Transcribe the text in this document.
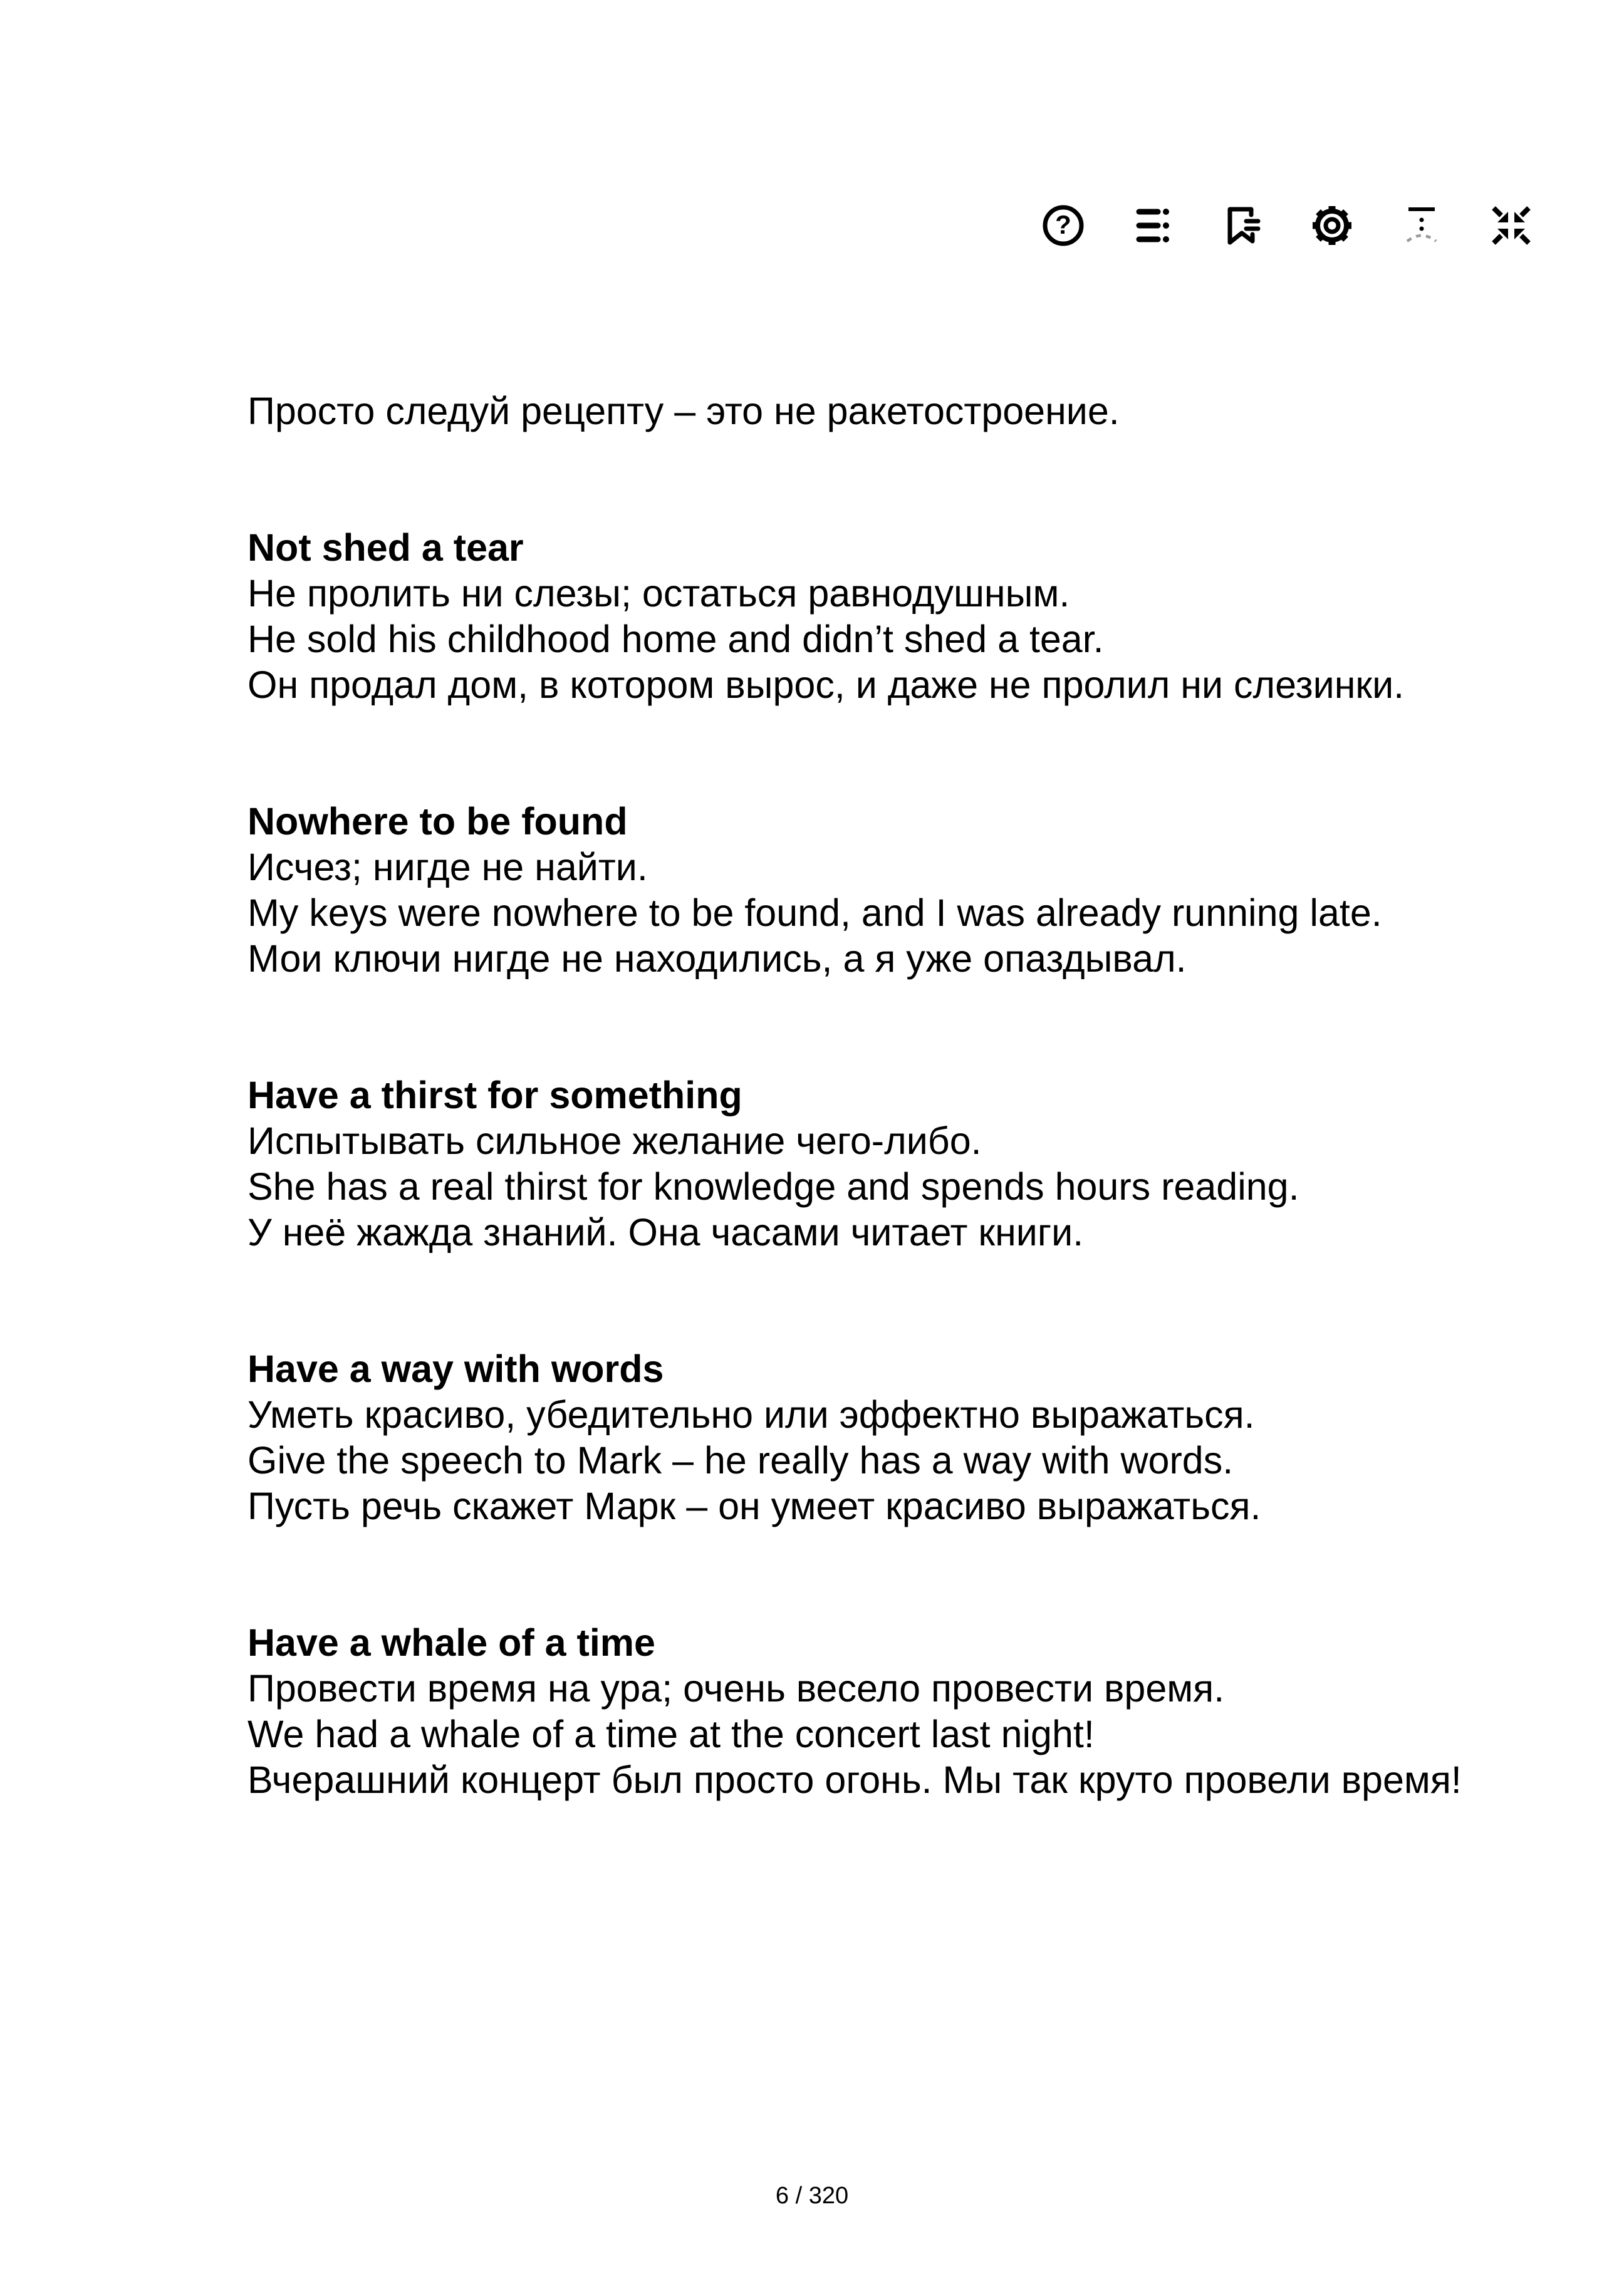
?

Просто следуй рецепту – это не ракетостроение.

Not shed a tear

Не пролить ни слезы; остаться равнодушным.

He sold his childhood home and didn’t shed a tear.

Он продал дом, в котором вырос, и даже не пролил ни слезинки.

Nowhere to be found

Исчез; нигде не найти.

My keys were nowhere to be found, and I was already running late.

Мои ключи нигде не находились, а я уже опаздывал.

Have a thirst for something

Испытывать сильное желание чего-либо.

She has a real thirst for knowledge and spends hours reading.

У неё жажда знаний. Она часами читает книги.

Have a way with words

Уметь красиво, убедительно или эффектно выражаться.

Give the speech to Mark – he really has a way with words.

Пусть речь скажет Марк – он умеет красиво выражаться.

Have a whale of a time

Провести время на ура; очень весело провести время.

We had a whale of a time at the concert last night!

Вчерашний концерт был просто огонь. Мы так круто провели время!

6 / 320
